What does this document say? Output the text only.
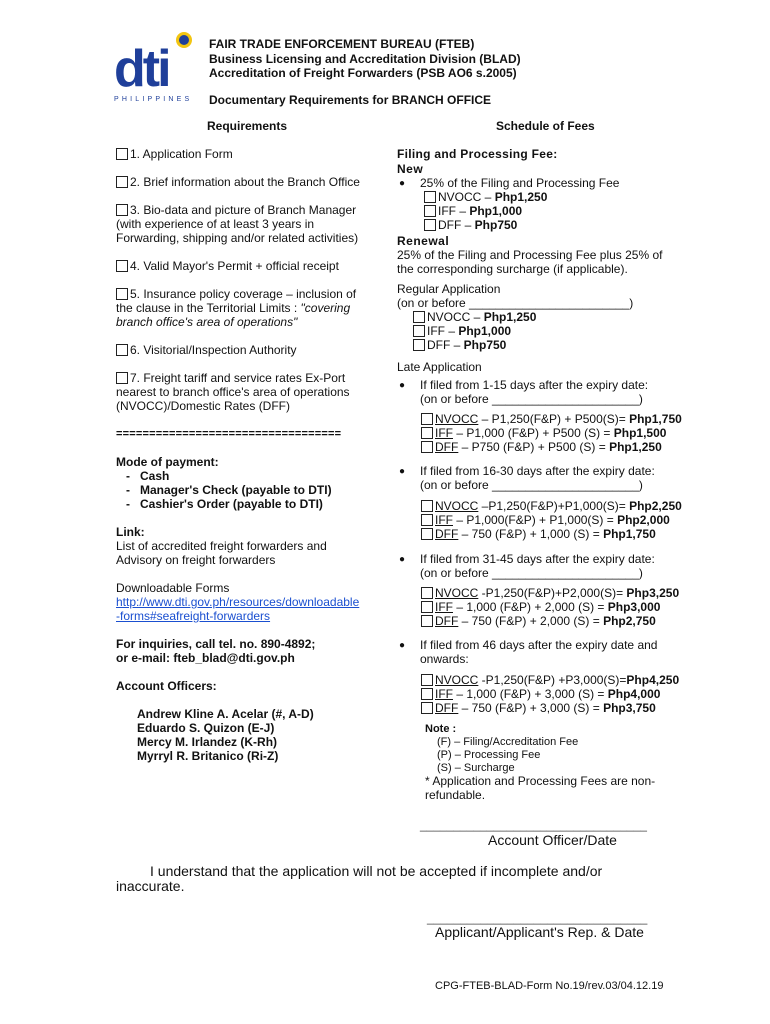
dti
PHILIPPINES
FAIR TRADE ENFORCEMENT BUREAU (FTEB)
Business Licensing and Accreditation Division (BLAD)
Accreditation of Freight Forwarders (PSB AO6 s.2005)
Documentary Requirements for BRANCH OFFICE
Requirements	Schedule of Fees
1. Application Form
2. Brief information about the Branch Office
3. Bio-data and picture of Branch Manager
(with experience of at least 3 years in
Forwarding, shipping and/or related activities)
4. Valid Mayor's Permit + official receipt
5. Insurance policy coverage – inclusion of
the clause in the Territorial Limits : "covering
branch office's area of operations"
6. Visitorial/Inspection Authority
7. Freight tariff and service rates Ex-Port
nearest to branch office's area of operations
(NVOCC)/Domestic Rates (DFF)
==================================
Mode of payment:
-   Cash
-   Manager's Check (payable to DTI)
-   Cashier's Order (payable to DTI)
Link:
List of accredited freight forwarders and
Advisory on freight forwarders
Downloadable Forms
http://www.dti.gov.ph/resources/downloadable
-forms#seafreight-forwarders
For inquiries, call tel. no. 890-4892;
or e-mail: fteb_blad@dti.gov.ph
Account Officers:
Andrew Kline A. Acelar (#, A-D)
Eduardo S. Quizon (E-J)
Mercy M. Irlandez (K-Rh)
Myrryl R. Britanico (Ri-Z)
Filing and Processing Fee:
New
● 25% of the Filing and Processing Fee
NVOCC – Php1,250
IFF – Php1,000
DFF – Php750
Renewal
25% of the Filing and Processing Fee plus 25% of
the corresponding surcharge (if applicable).
Regular Application
(on or before ________________________)
NVOCC – Php1,250
IFF – Php1,000
DFF – Php750
Late Application
● If filed from 1-15 days after the expiry date:
(on or before ______________________)
NVOCC – P1,250(F&P) + P500(S)= Php1,750
IFF – P1,000 (F&P) + P500 (S) = Php1,500
DFF – P750 (F&P) + P500 (S) = Php1,250
● If filed from 16-30 days after the expiry date:
(on or before ______________________)
NVOCC –P1,250(F&P)+P1,000(S)= Php2,250
IFF – P1,000(F&P) + P1,000(S) = Php2,000
DFF – 750 (F&P) + 1,000 (S) = Php1,750
● If filed from 31-45 days after the expiry date:
(on or before ______________________)
NVOCC -P1,250(F&P)+P2,000(S)= Php3,250
IFF – 1,000 (F&P) + 2,000 (S) = Php3,000
DFF – 750 (F&P) + 2,000 (S) = Php2,750
● If filed from 46 days after the expiry date and
onwards:
NVOCC -P1,250(F&P) +P3,000(S)=Php4,250
IFF – 1,000 (F&P) + 3,000 (S) = Php4,000
DFF – 750 (F&P) + 3,000 (S) = Php3,750
Note :
(F) – Filing/Accreditation Fee
(P) – Processing Fee
(S) – Surcharge
* Application and Processing Fees are non-
refundable.
__________________________________
Account Officer/Date
I understand that the application will not be accepted if incomplete and/or
inaccurate.
_________________________________
Applicant/Applicant's Rep. & Date
CPG-FTEB-BLAD-Form No.19/rev.03/04.12.19
